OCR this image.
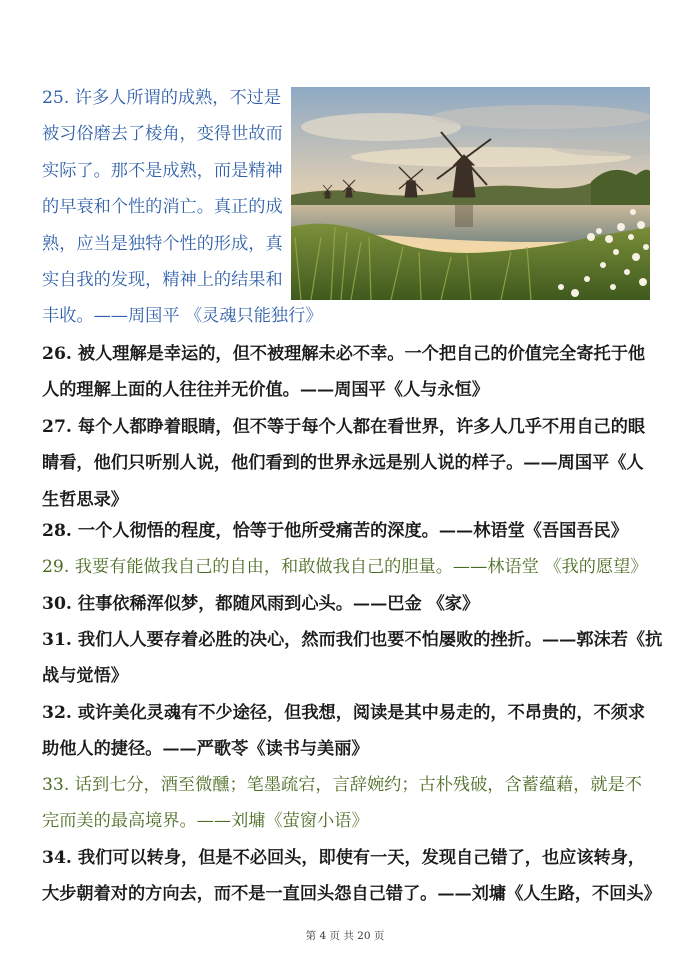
25. 许多人所谓的成熟，不过是
被习俗磨去了棱角，变得世故而
实际了。那不是成熟，而是精神
的早衰和个性的消亡。真正的成
熟，应当是独特个性的形成，真
实自我的发现，精神上的结果和
丰收。——周国平 《灵魂只能独行》
26. 被人理解是幸运的，但不被理解未必不幸。一个把自己的价值完全寄托于他
人的理解上面的人往往并无价值。——周国平《人与永恒》
27. 每个人都睁着眼睛，但不等于每个人都在看世界，许多人几乎不用自己的眼
睛看，他们只听别人说，他们看到的世界永远是别人说的样子。——周国平《人
生哲思录》
28. 一个人彻悟的程度，恰等于他所受痛苦的深度。——林语堂《吾国吾民》
29. 我要有能做我自己的自由，和敢做我自己的胆量。——林语堂 《我的愿望》
30. 往事依稀浑似梦，都随风雨到心头。——巴金 《家》
31. 我们人人要存着必胜的决心，然而我们也要不怕屡败的挫折。——郭沫若《抗
战与觉悟》
32. 或许美化灵魂有不少途径，但我想，阅读是其中易走的，不昂贵的，不须求
助他人的捷径。——严歌苓《读书与美丽》
33. 话到七分，酒至微醺；笔墨疏宕，言辞婉约；古朴残破，含蓄蕴藉，就是不
完而美的最高境界。——刘墉《萤窗小语》
34. 我们可以转身，但是不必回头，即使有一天，发现自己错了，也应该转身，
大步朝着对的方向去，而不是一直回头怨自己错了。——刘墉《人生路，不回头》
第 4 页 共 20 页
